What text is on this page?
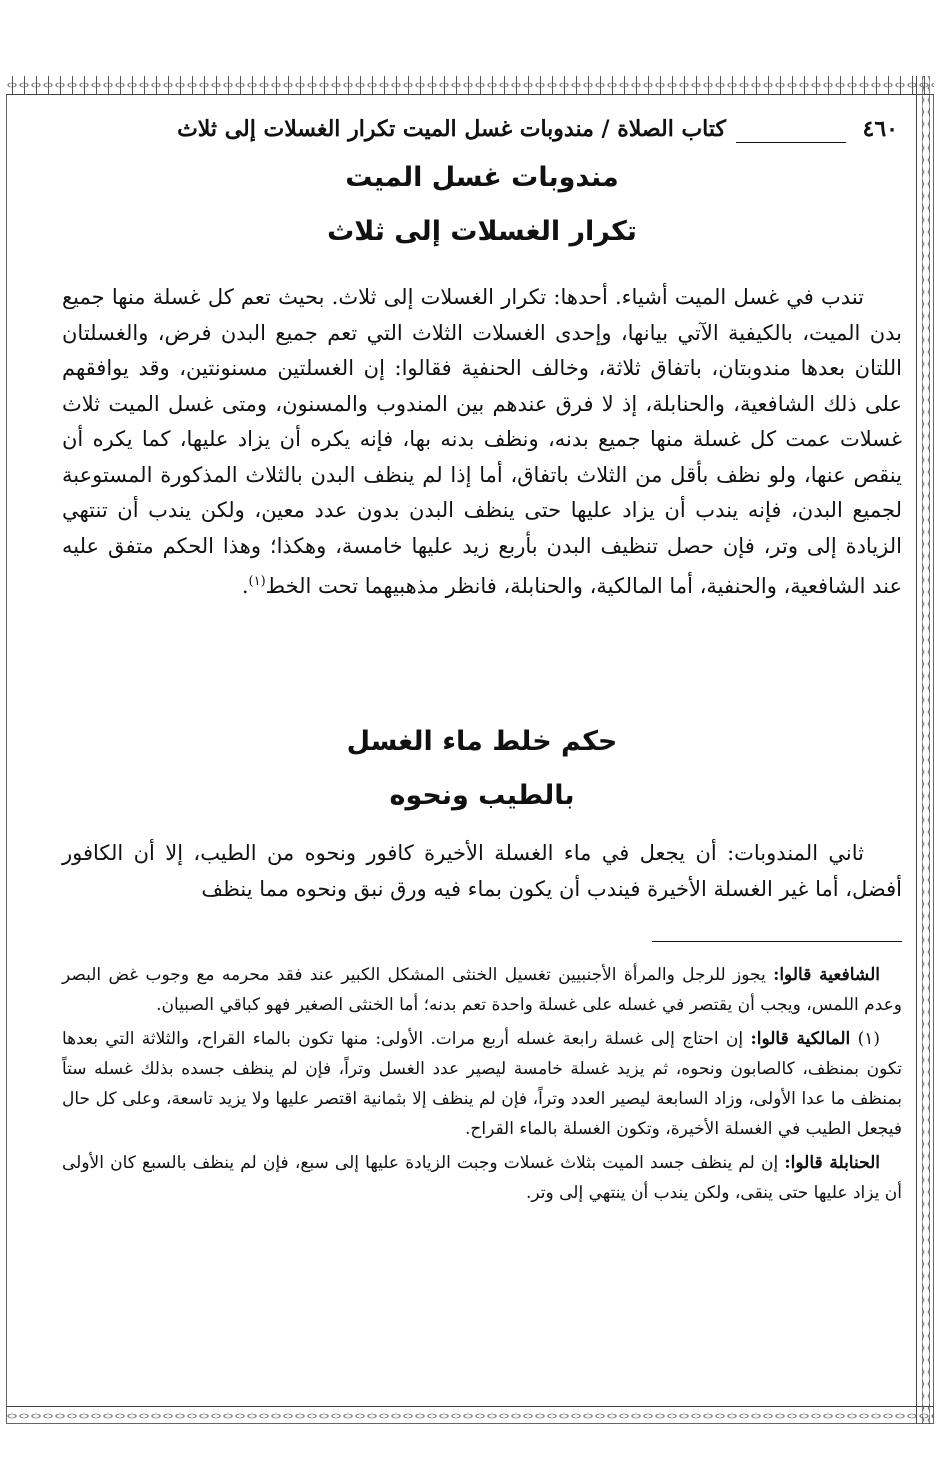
٤٦٠
كتاب الصلاة / مندوبات غسل الميت تكرار الغسلات إلى ثلاث
مندوبات غسل الميت
تكرار الغسلات إلى ثلاث

تندب في غسل الميت أشياء. أحدها: تكرار الغسلات إلى ثلاث. بحيث تعم كل غسلة منها جميع بدن الميت، بالكيفية الآتي بيانها، وإحدى الغسلات الثلاث التي تعم جميع البدن فرض، والغسلتان اللتان بعدها مندوبتان، باتفاق ثلاثة، وخالف الحنفية فقالوا: إن الغسلتين مسنونتين، وقد يوافقهم على ذلك الشافعية، والحنابلة، إذ لا فرق عندهم بين المندوب والمسنون، ومتى غسل الميت ثلاث غسلات عمت كل غسلة منها جميع بدنه، ونظف بدنه بها، فإنه يكره أن يزاد عليها، كما يكره أن ينقص عنها، ولو نظف بأقل من الثلاث باتفاق، أما إذا لم ينظف البدن بالثلاث المذكورة المستوعبة لجميع البدن، فإنه يندب أن يزاد عليها حتى ينظف البدن بدون عدد معين، ولكن يندب أن تنتهي الزيادة إلى وتر، فإن حصل تنظيف البدن بأربع زيد عليها خامسة، وهكذا؛ وهذا الحكم متفق عليه عند الشافعية، والحنفية، أما المالكية، والحنابلة، فانظر مذهبيهما تحت الخط$^{(١)}$.

حكم خلط ماء الغسل
بالطيب ونحوه

ثاني المندوبات: أن يجعل في ماء الغسلة الأخيرة كافور ونحوه من الطيب، إلا أن الكافور أفضل، أما غير الغسلة الأخيرة فيندب أن يكون بماء فيه ورق نبق ونحوه مما ينظف

الشافعية قالوا: يجوز للرجل والمرأة الأجنبيين تغسيل الخنثى المشكل الكبير عند فقد محرمه مع وجوب غض البصر وعدم اللمس، ويجب أن يقتصر في غسله على غسلة واحدة تعم بدنه؛ أما الخنثى الصغير فهو كباقي الصبيان.

(١) المالكية قالوا: إن احتاج إلى غسلة رابعة غسله أربع مرات. الأولى: منها تكون بالماء القراح، والثلاثة التي بعدها تكون بمنظف، كالصابون ونحوه، ثم يزيد غسلة خامسة ليصير عدد الغسل وتراً، فإن لم ينظف جسده بذلك غسله ستاً بمنظف ما عدا الأولى، وزاد السابعة ليصير العدد وتراً، فإن لم ينظف إلا بثمانية اقتصر عليها ولا يزيد تاسعة، وعلى كل حال فيجعل الطيب في الغسلة الأخيرة، وتكون الغسلة بالماء القراح.

الحنابلة قالوا: إن لم ينظف جسد الميت بثلاث غسلات وجبت الزيادة عليها إلى سبع، فإن لم ينظف بالسبع كان الأولى أن يزاد عليها حتى ينقى، ولكن يندب أن ينتهي إلى وتر.
